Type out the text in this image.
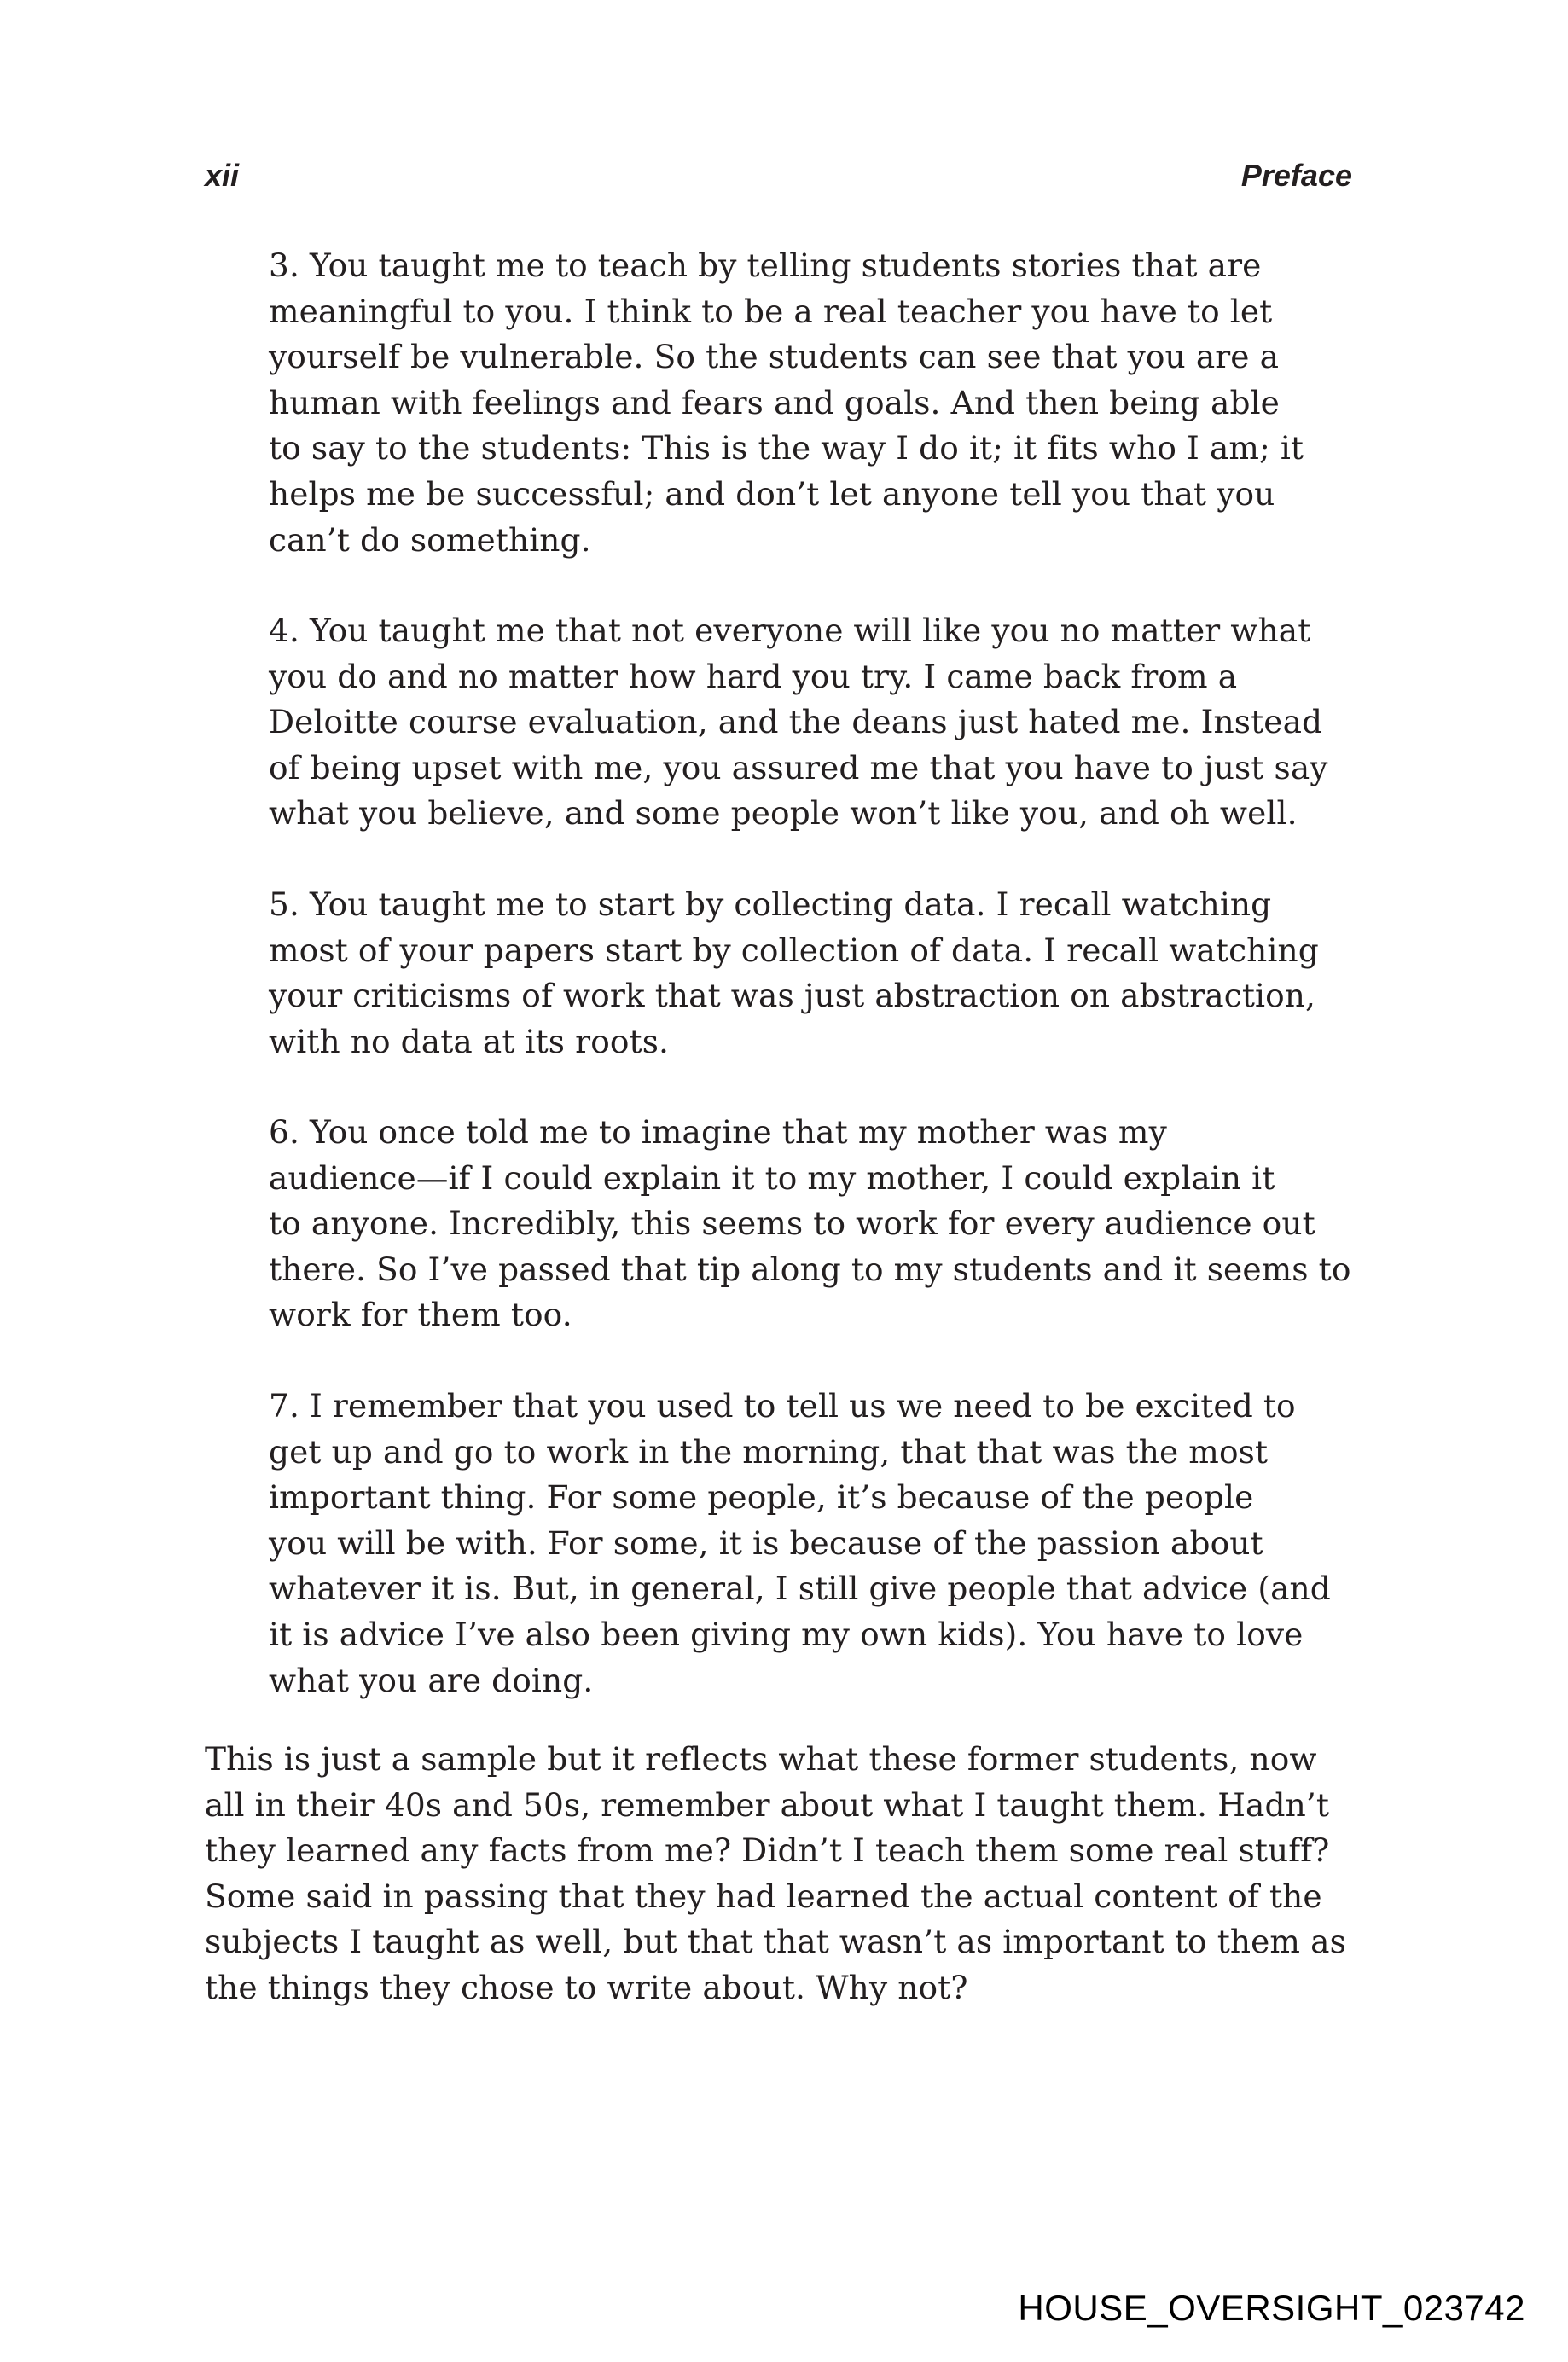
xii	Preface
3. You taught me to teach by telling students stories that are
meaningful to you. I think to be a real teacher you have to let
yourself be vulnerable. So the students can see that you are a
human with feelings and fears and goals. And then being able
to say to the students: This is the way I do it; it fits who I am; it
helps me be successful; and don’t let anyone tell you that you
can’t do something.
4. You taught me that not everyone will like you no matter what
you do and no matter how hard you try. I came back from a
Deloitte course evaluation, and the deans just hated me. Instead
of being upset with me, you assured me that you have to just say
what you believe, and some people won’t like you, and oh well.
5. You taught me to start by collecting data. I recall watching
most of your papers start by collection of data. I recall watching
your criticisms of work that was just abstraction on abstraction,
with no data at its roots.
6. You once told me to imagine that my mother was my
audience—if I could explain it to my mother, I could explain it
to anyone. Incredibly, this seems to work for every audience out
there. So I’ve passed that tip along to my students and it seems to
work for them too.
7. I remember that you used to tell us we need to be excited to
get up and go to work in the morning, that that was the most
important thing. For some people, it’s because of the people
you will be with. For some, it is because of the passion about
whatever it is. But, in general, I still give people that advice (and
it is advice I’ve also been giving my own kids). You have to love
what you are doing.
This is just a sample but it reflects what these former students, now
all in their 40s and 50s, remember about what I taught them. Hadn’t
they learned any facts from me? Didn’t I teach them some real stuff?
Some said in passing that they had learned the actual content of the
subjects I taught as well, but that that wasn’t as important to them as
the things they chose to write about. Why not?
HOUSE_OVERSIGHT_023742
